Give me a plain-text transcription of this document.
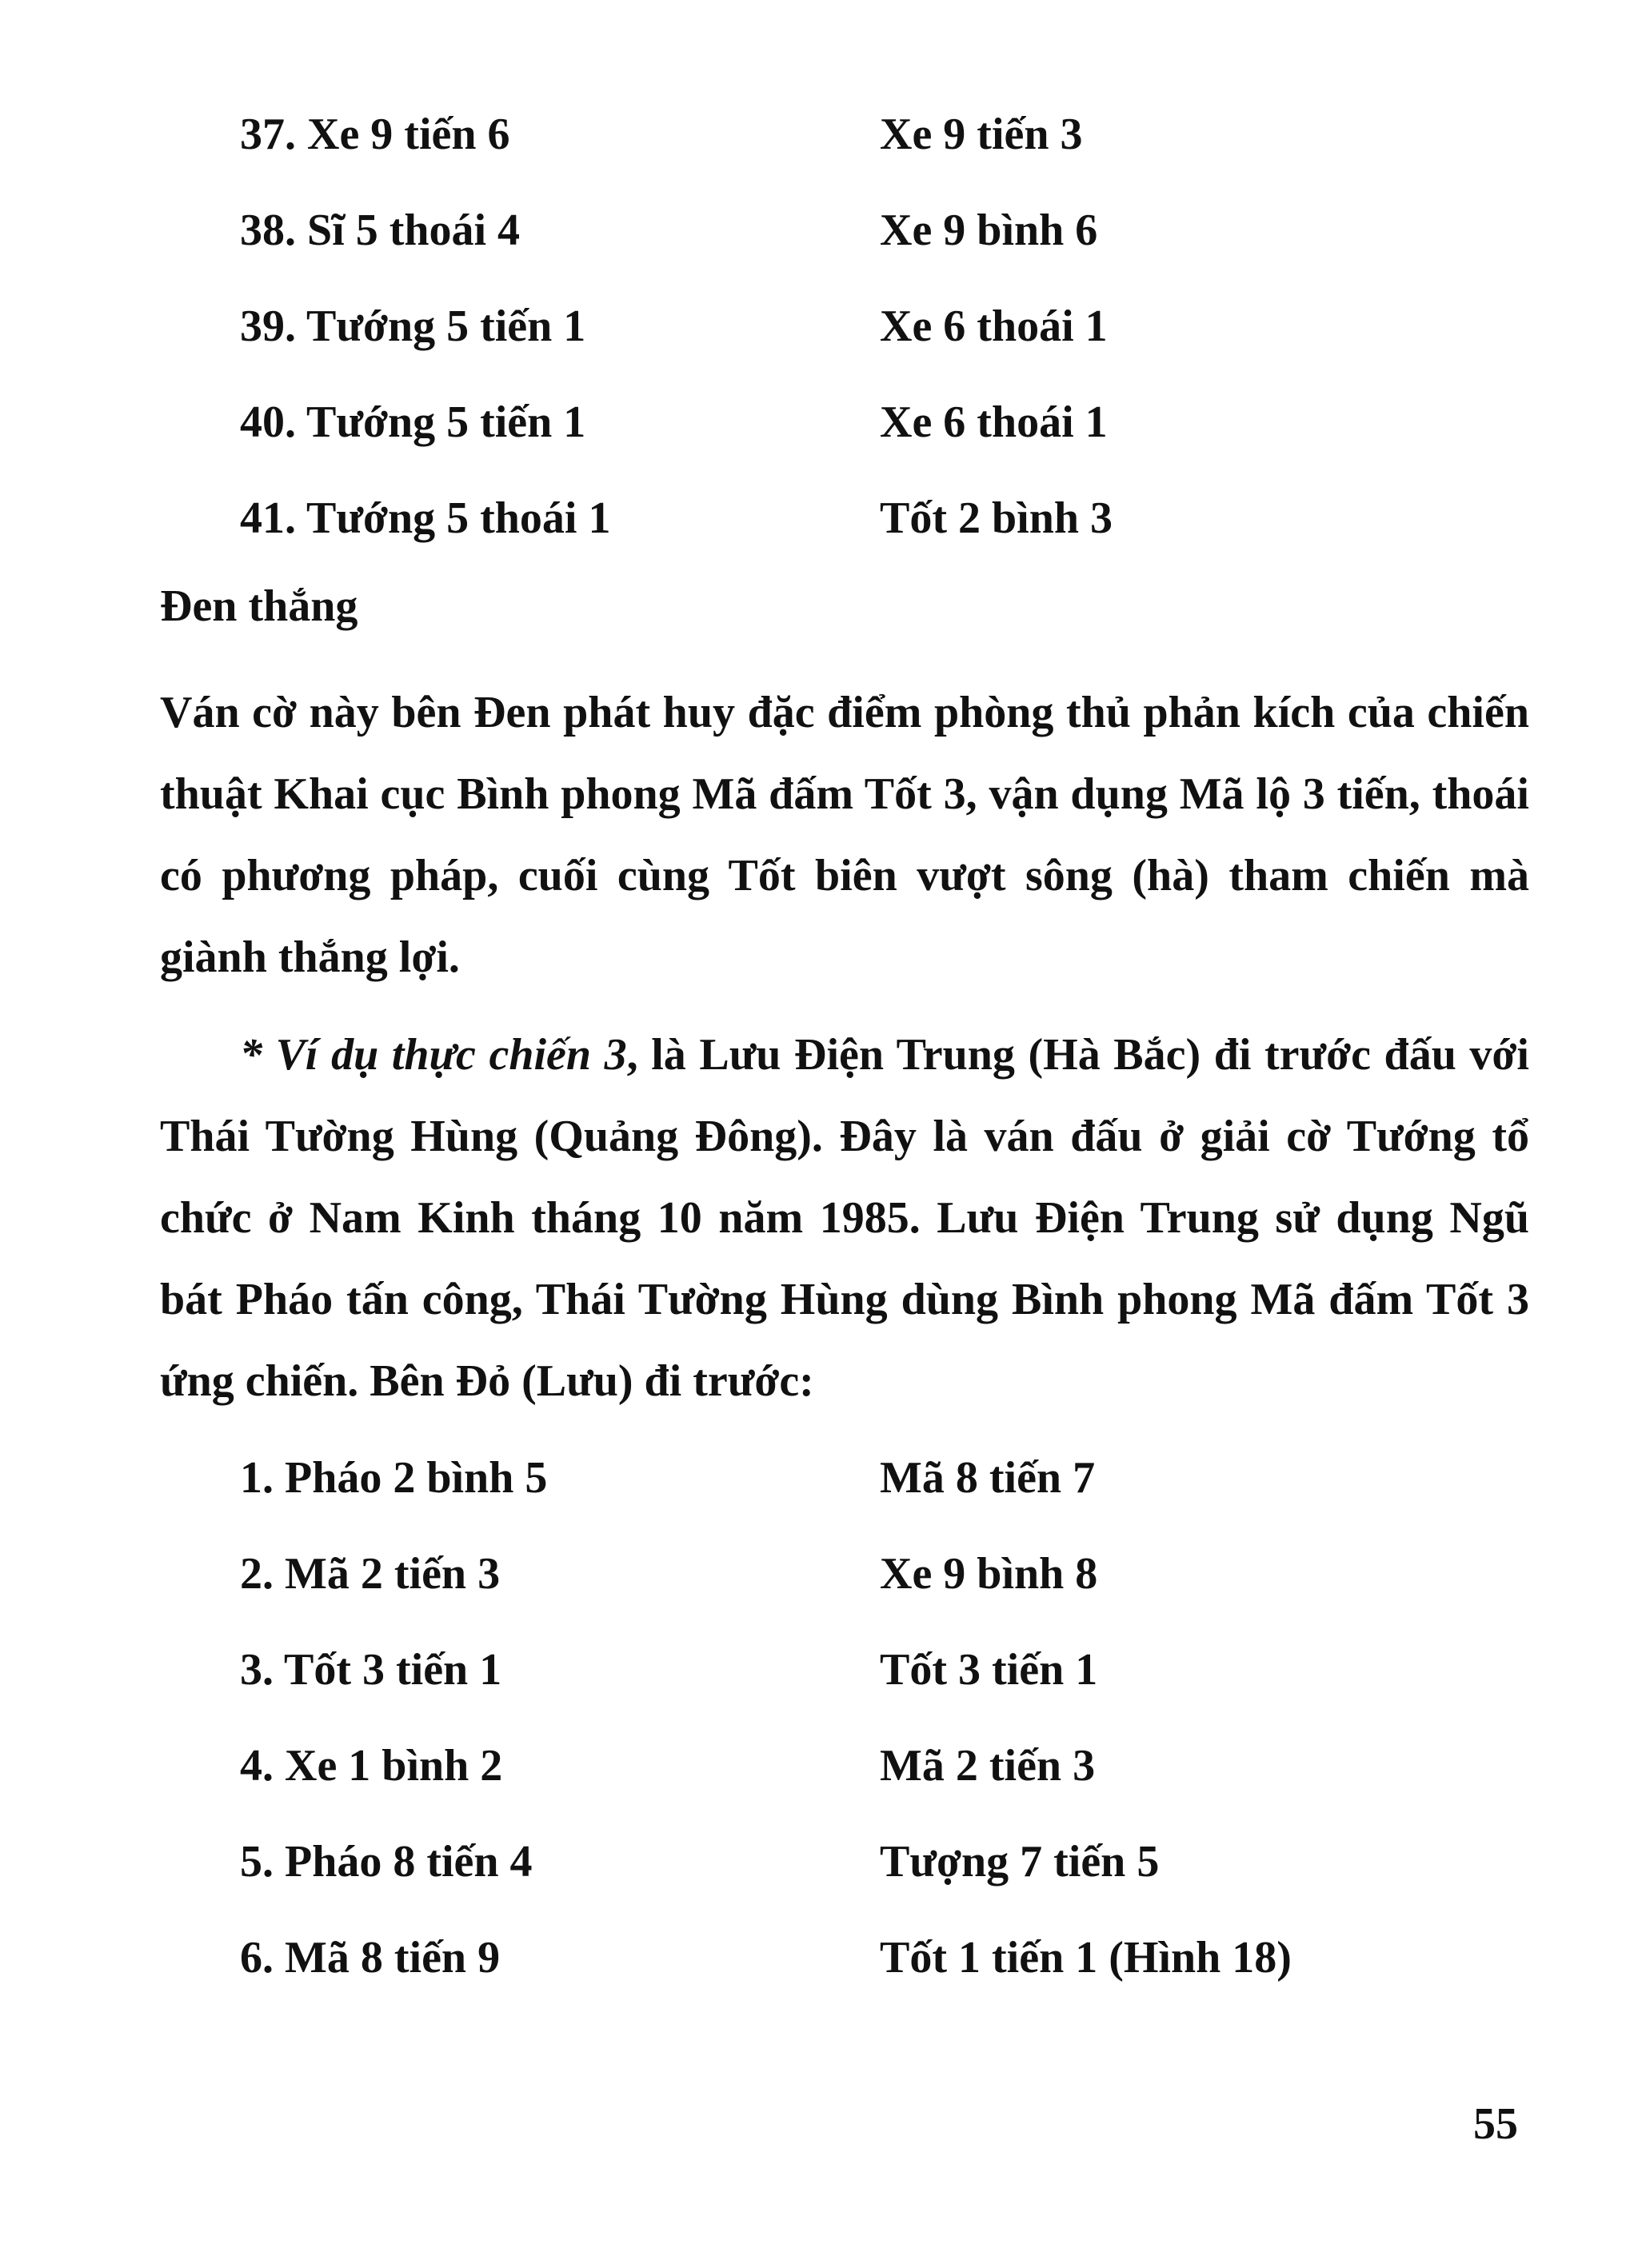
37. Xe 9 tiến 6	Xe 9 tiến 3
38. Sĩ 5 thoái 4	Xe 9 bình 6
39. Tướng 5 tiến 1	Xe 6 thoái 1
40. Tướng 5 tiến 1	Xe 6 thoái 1
41. Tướng 5 thoái 1	Tốt 2 bình 3
Đen thắng

Ván cờ này bên Đen phát huy đặc điểm phòng thủ phản kích của chiến thuật Khai cục Bình phong Mã đấm Tốt 3, vận dụng Mã lộ 3 tiến, thoái có phương pháp, cuối cùng Tốt biên vượt sông (hà) tham chiến mà giành thắng lợi.

* Ví dụ thực chiến 3, là Lưu Điện Trung (Hà Bắc) đi trước đấu với Thái Tường Hùng (Quảng Đông). Đây là ván đấu ở giải cờ Tướng tổ chức ở Nam Kinh tháng 10 năm 1985. Lưu Điện Trung sử dụng Ngũ bát Pháo tấn công, Thái Tường Hùng dùng Bình phong Mã đấm Tốt 3 ứng chiến. Bên Đỏ (Lưu) đi trước:

1. Pháo 2 bình 5	Mã 8 tiến 7
2. Mã 2 tiến 3	Xe 9 bình 8
3. Tốt 3 tiến 1	Tốt 3 tiến 1
4. Xe 1 bình 2	Mã 2 tiến 3
5. Pháo 8 tiến 4	Tượng 7 tiến 5
6. Mã 8 tiến 9	Tốt 1 tiến 1 (Hình 18)
55
